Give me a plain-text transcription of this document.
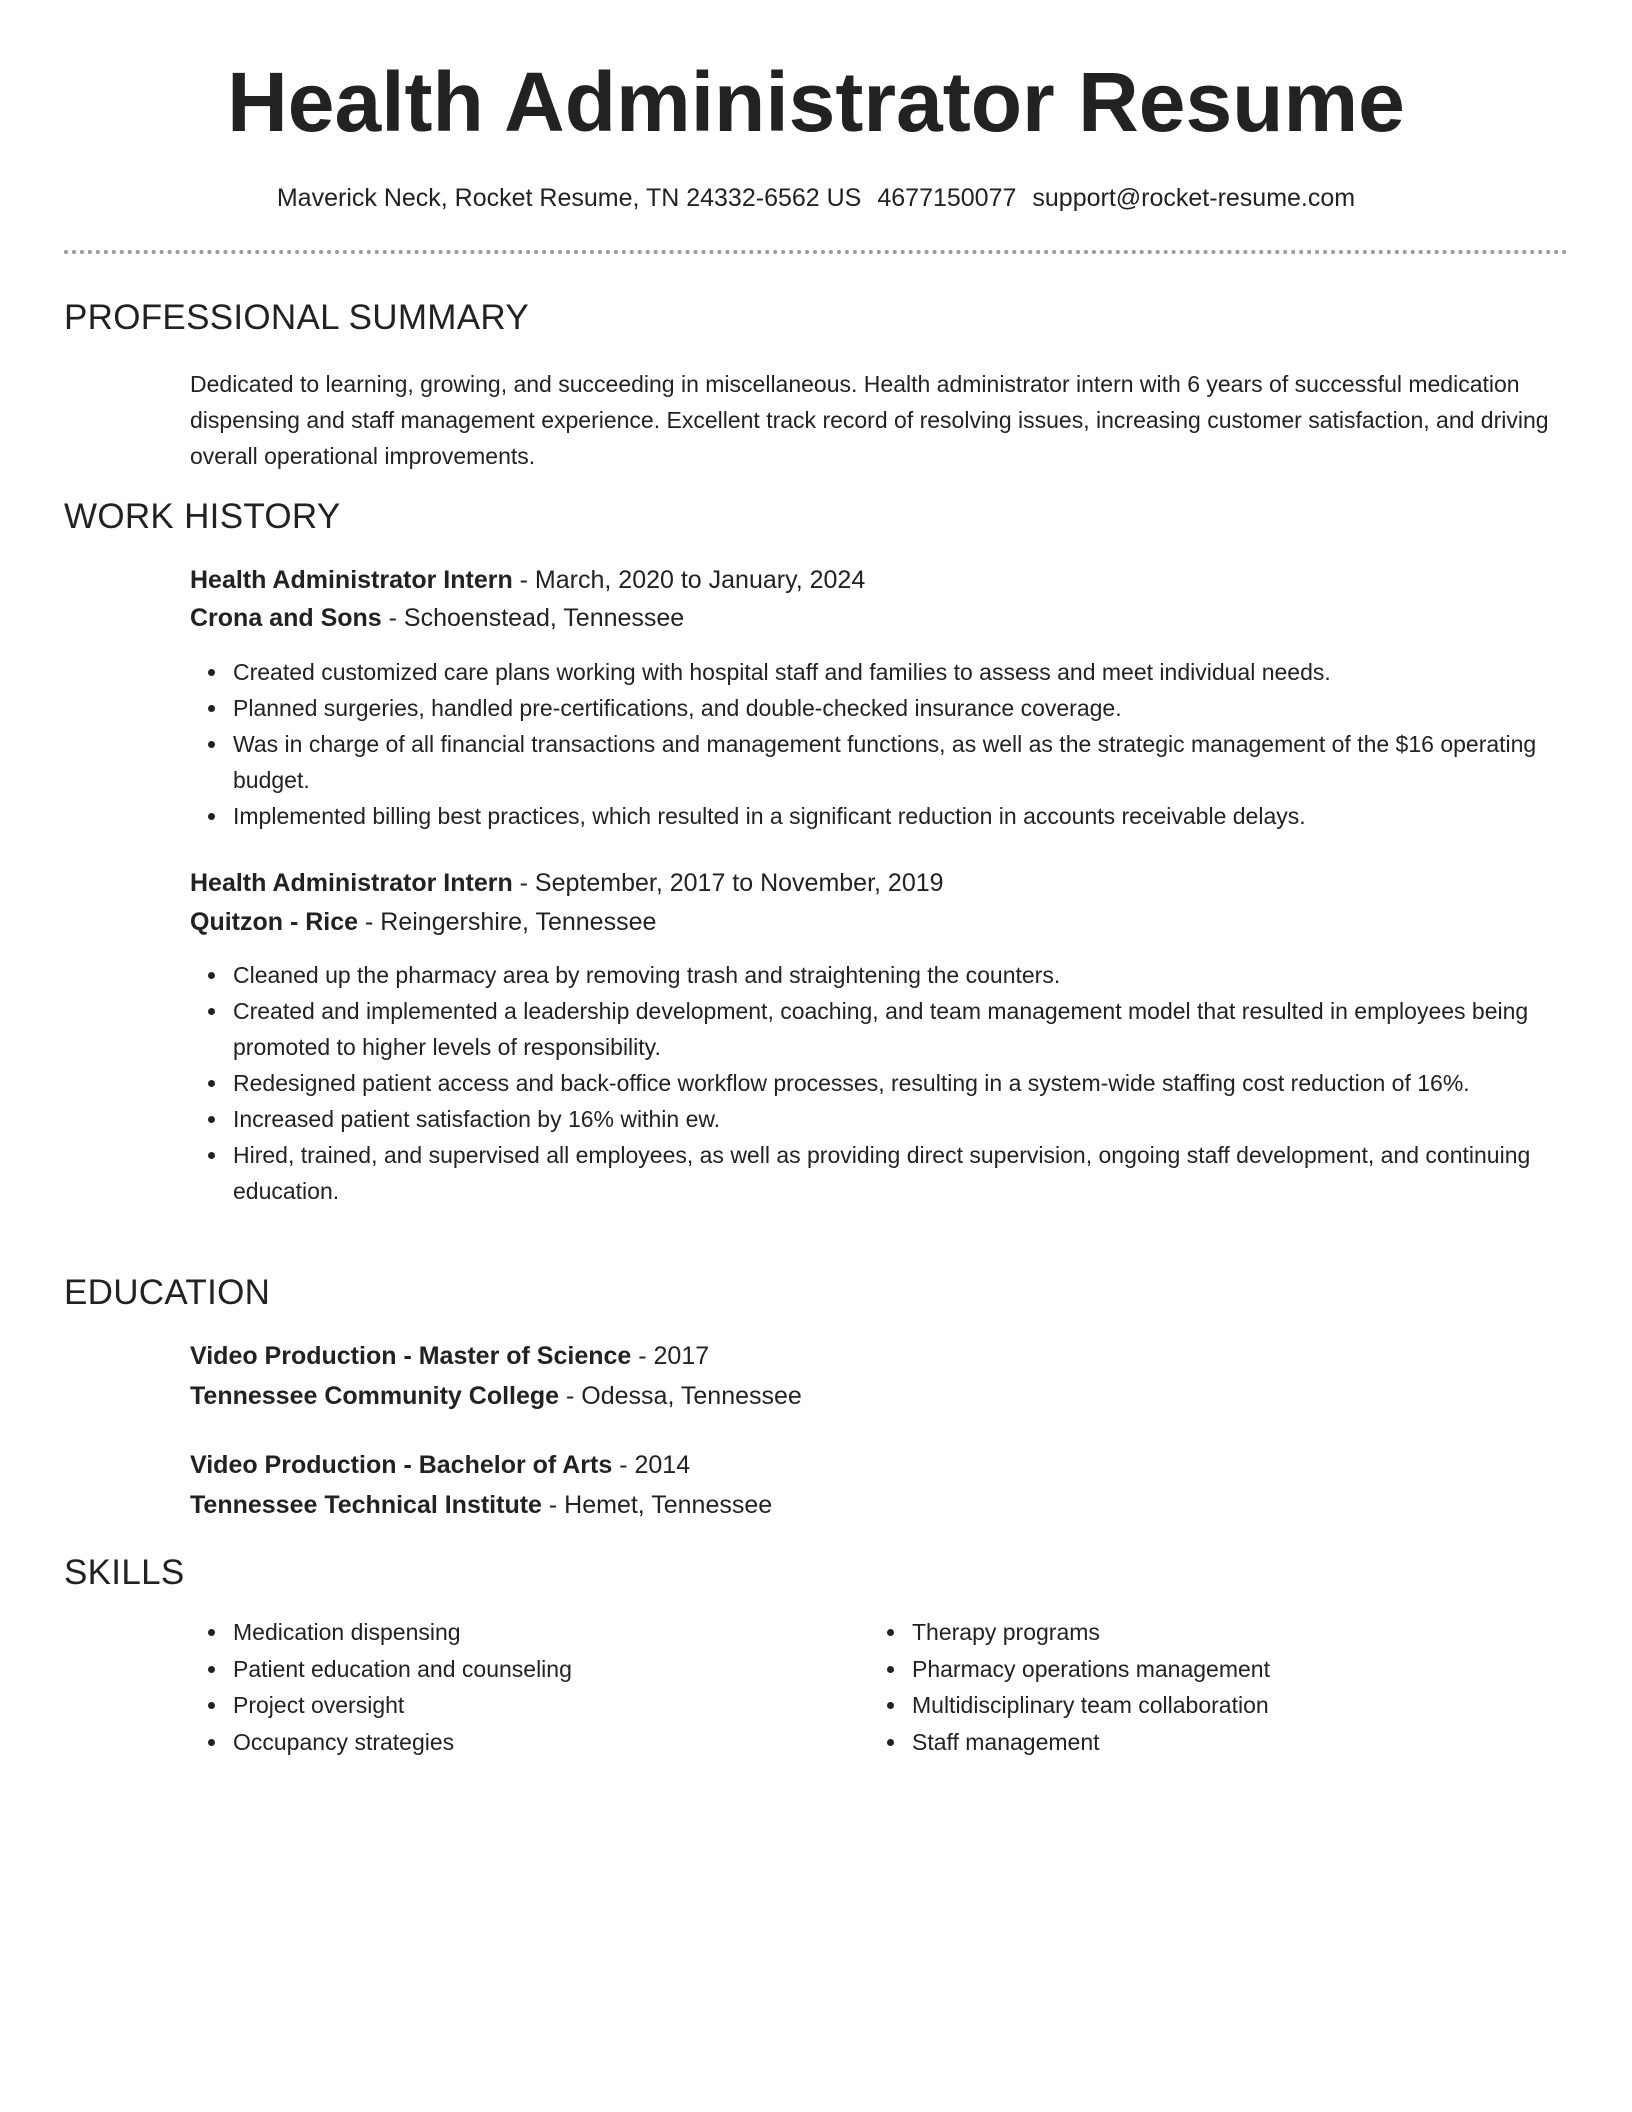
Health Administrator Resume
Maverick Neck, Rocket Resume, TN 24332-6562 US 4677150077 support@rocket-resume.com
PROFESSIONAL SUMMARY
Dedicated to learning, growing, and succeeding in miscellaneous. Health administrator intern with 6 years of successful medication dispensing and staff management experience. Excellent track record of resolving issues, increasing customer satisfaction, and driving overall operational improvements.
WORK HISTORY
Health Administrator Intern - March, 2020 to January, 2024
Crona and Sons - Schoenstead, Tennessee
Created customized care plans working with hospital staff and families to assess and meet individual needs.
Planned surgeries, handled pre-certifications, and double-checked insurance coverage.
Was in charge of all financial transactions and management functions, as well as the strategic management of the $16 operating budget.
Implemented billing best practices, which resulted in a significant reduction in accounts receivable delays.
Health Administrator Intern - September, 2017 to November, 2019
Quitzon - Rice - Reingershire, Tennessee
Cleaned up the pharmacy area by removing trash and straightening the counters.
Created and implemented a leadership development, coaching, and team management model that resulted in employees being promoted to higher levels of responsibility.
Redesigned patient access and back-office workflow processes, resulting in a system-wide staffing cost reduction of 16%.
Increased patient satisfaction by 16% within ew.
Hired, trained, and supervised all employees, as well as providing direct supervision, ongoing staff development, and continuing education.
EDUCATION
Video Production - Master of Science - 2017
Tennessee Community College - Odessa, Tennessee
Video Production - Bachelor of Arts - 2014
Tennessee Technical Institute - Hemet, Tennessee
SKILLS
Medication dispensing
Patient education and counseling
Project oversight
Occupancy strategies
Therapy programs
Pharmacy operations management
Multidisciplinary team collaboration
Staff management
